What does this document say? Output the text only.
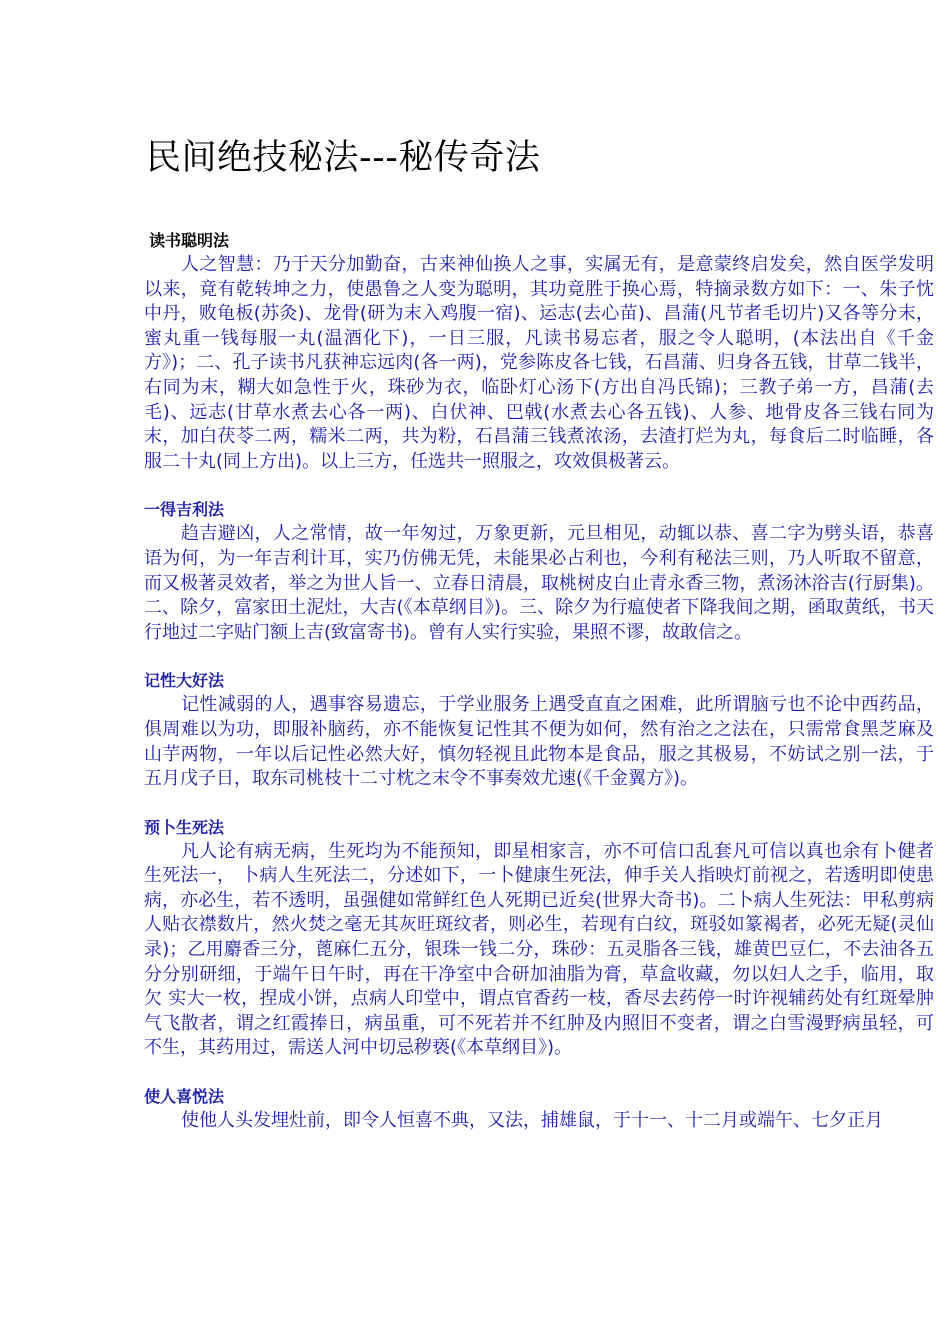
民间绝技秘法---秘传奇法
读书聪明法

人之智慧：乃于天分加勤奋，古来神仙换人之事，实属无有，是意蒙终启发矣，然自医学发明以来，竟有乾转坤之力，使愚鲁之人变为聪明，其功竟胜于换心焉，特摘录数方如下：一、朱子忱中丹，败龟板(苏灸)、龙骨(研为末入鸡腹一宿)、运志(去心苗)、昌蒲(凡节者毛切片)又各等分末，蜜丸重一钱每服一丸(温酒化下)，一日三服，凡读书易忘者，服之令人聪明，(本法出自《千金方》)；二、孔子读书凡获神忘远肉(各一两)，党参陈皮各七钱，石昌蒲、归身各五钱，甘草二钱半，右同为末，糊大如急性于火，珠砂为衣，临卧灯心汤下(方出自冯氏锦)；三教子弟一方，昌蒲(去毛)、远志(甘草水煮去心各一两)、白伏神、巴戟(水煮去心各五钱)、人参、地骨皮各三钱右同为末，加白茯苓二两，糯米二两，共为粉，石昌蒲三钱煮浓汤，去渣打烂为丸，每食后二时临睡，各服二十丸(同上方出)。以上三方，任选共一照服之，攻效俱极著云。

一得吉利法

趋吉避凶，人之常情，故一年匆过，万象更新，元旦相见，动辄以恭、喜二字为劈头语，恭喜语为何，为一年吉利计耳，实乃仿佛无凭，未能果必占利也，今利有秘法三则，乃人听取不留意，而又极著灵效者，举之为世人旨一、立春日清晨，取桃树皮白止青永香三物，煮汤沐浴吉(行厨集)。二、除夕，富家田土泥灶，大吉(《本草纲目》)。三、除夕为行瘟使者下降我间之期，函取黄纸，书天行地过二字贴门额上吉(致富寄书)。曾有人实行实验，果照不谬，故敢信之。

记性大好法

记性减弱的人，遇事容易遗忘，于学业服务上遇受直直之困难，此所谓脑亏也不论中西药品，俱周难以为功，即服补脑药，亦不能恢复记性其不便为如何，然有治之之法在，只需常食黑芝麻及山芋两物，一年以后记性必然大好，慎勿轻视且此物本是食品，服之其极易，不妨试之别一法，于五月戊子日，取东司桃枝十二寸枕之末令不事奏效尤速(《千金翼方》)。

预卜生死法

凡人论有病无病，生死均为不能预知，即星相家言，亦不可信口乱套凡可信以真也余有卜健者生死法一， 卜病人生死法二，分述如下，一卜健康生死法，伸手关人指映灯前视之，若透明即使患病，亦必生，若不透明，虽强健如常鲜红色人死期已近矣(世界大奇书)。二卜病人生死法：甲私剪病人贴衣襟数片，然火焚之毫无其灰旺斑纹者，则必生，若现有白纹，斑驳如篆褐者，必死无疑(灵仙录)；乙用麝香三分，蓖麻仁五分，银珠一钱二分，珠砂：五灵脂各三钱，雄黄巴豆仁，不去油各五分分别研细，于端午日午时，再在干净室中合研加油脂为膏，草盒收藏，勿以妇人之手，临用，取欠 实大一枚，捏成小饼，点病人印堂中，谓点官香药一枝，香尽去药停一时许视辅药处有红斑晕肿气飞散者，谓之红霞捧日，病虽重，可不死若并不红肿及内照旧不变者，谓之白雪漫野病虽轻，可不生，其药用过，需送人河中切忌秽亵(《本草纲目》)。

使人喜悦法

使他人头发埋灶前，即令人恒喜不典，又法，捕雄鼠，于十一、十二月或端午、七夕正月
